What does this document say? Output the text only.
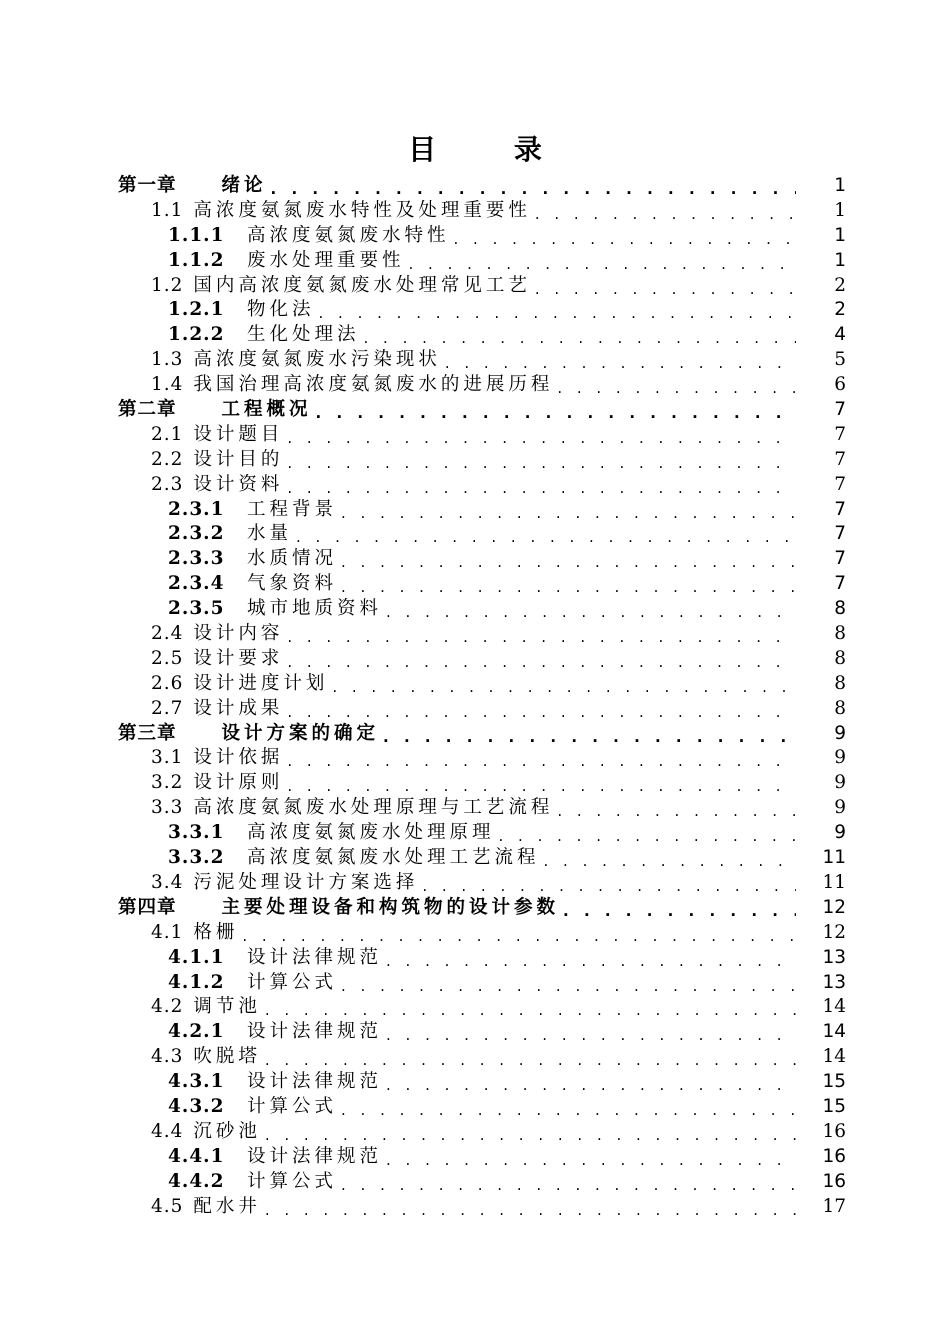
目 录
第一章   绪论 . . .	1
1.1 高浓度氨氮废水特性及处理重要性 . . .	1
1.1.1  高浓度氨氮废水特性 . . .	1
1.1.2  废水处理重要性 . . .	1
1.2 国内高浓度氨氮废水处理常见工艺 . . .	2
1.2.1  物化法 . . .	2
1.2.2  生化处理法 . . .	4
1.3 高浓度氨氮废水污染现状 . . .	5
1.4 我国治理高浓度氨氮废水的进展历程 . . .	6
第二章   工程概况 . . .	7
2.1 设计题目 . . .	7
2.2 设计目的 . . .	7
2.3 设计资料 . . .	7
2.3.1  工程背景 . . .	7
2.3.2  水量 . . .	7
2.3.3  水质情况 . . .	7
2.3.4  气象资料 . . .	7
2.3.5  城市地质资料 . . .	8
2.4 设计内容 . . .	8
2.5 设计要求 . . .	8
2.6 设计进度计划 . . .	8
2.7 设计成果 . . .	8
第三章   设计方案的确定 . . .	9
3.1 设计依据 . . .	9
3.2 设计原则 . . .	9
3.3 高浓度氨氮废水处理原理与工艺流程 . . .	9
3.3.1  高浓度氨氮废水处理原理 . . .	9
3.3.2  高浓度氨氮废水处理工艺流程 . . .	11
3.4 污泥处理设计方案选择 . . .	11
第四章   主要处理设备和构筑物的设计参数 . . .	12
4.1 格栅 . . .	12
4.1.1  设计法律规范 . . .	13
4.1.2  计算公式 . . .	13
4.2 调节池 . . .	14
4.2.1  设计法律规范 . . .	14
4.3 吹脱塔 . . .	14
4.3.1  设计法律规范 . . .	15
4.3.2  计算公式 . . .	15
4.4 沉砂池 . . .	16
4.4.1  设计法律规范 . . .	16
4.4.2  计算公式 . . .	16
4.5 配水井 . . .	17
